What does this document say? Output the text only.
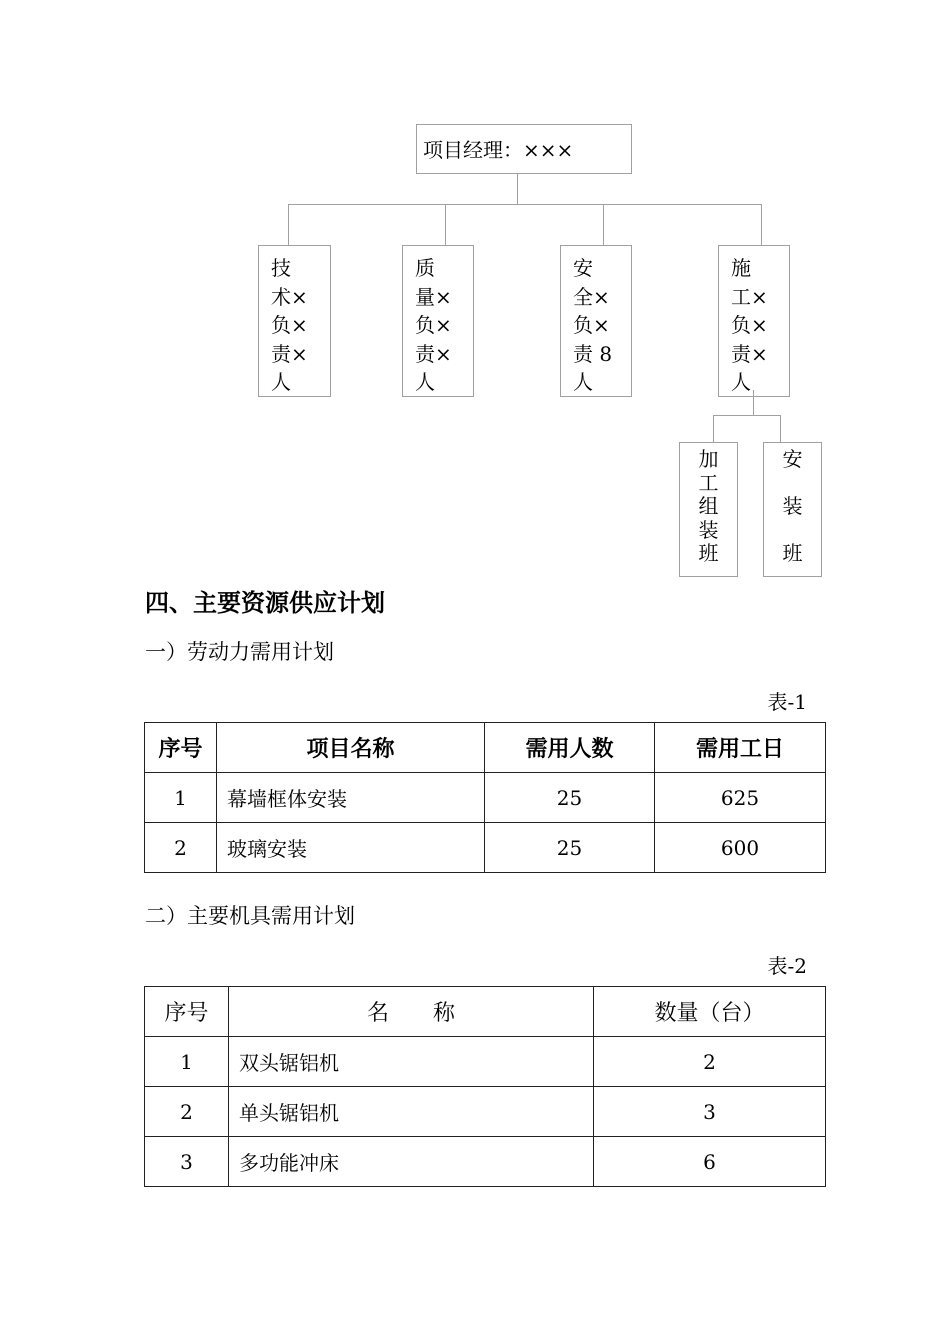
项目经理：×××
技
术×
负×
责×
人
质
量×
负×
责×
人
安
全×
负×
责 8
人
施
工×
负×
责×
人
加
工
组
装
班
安
装
班
四、主要资源供应计划
一）劳动力需用计划
表-1
序号	项目名称	需用人数	需用工日
1	幕墙框体安装	25	625
2	玻璃安装	25	600
二）主要机具需用计划
表-2
序号	名　　称	数量（台）
1	双头锯铝机	2
2	单头锯铝机	3
3	多功能冲床	6
